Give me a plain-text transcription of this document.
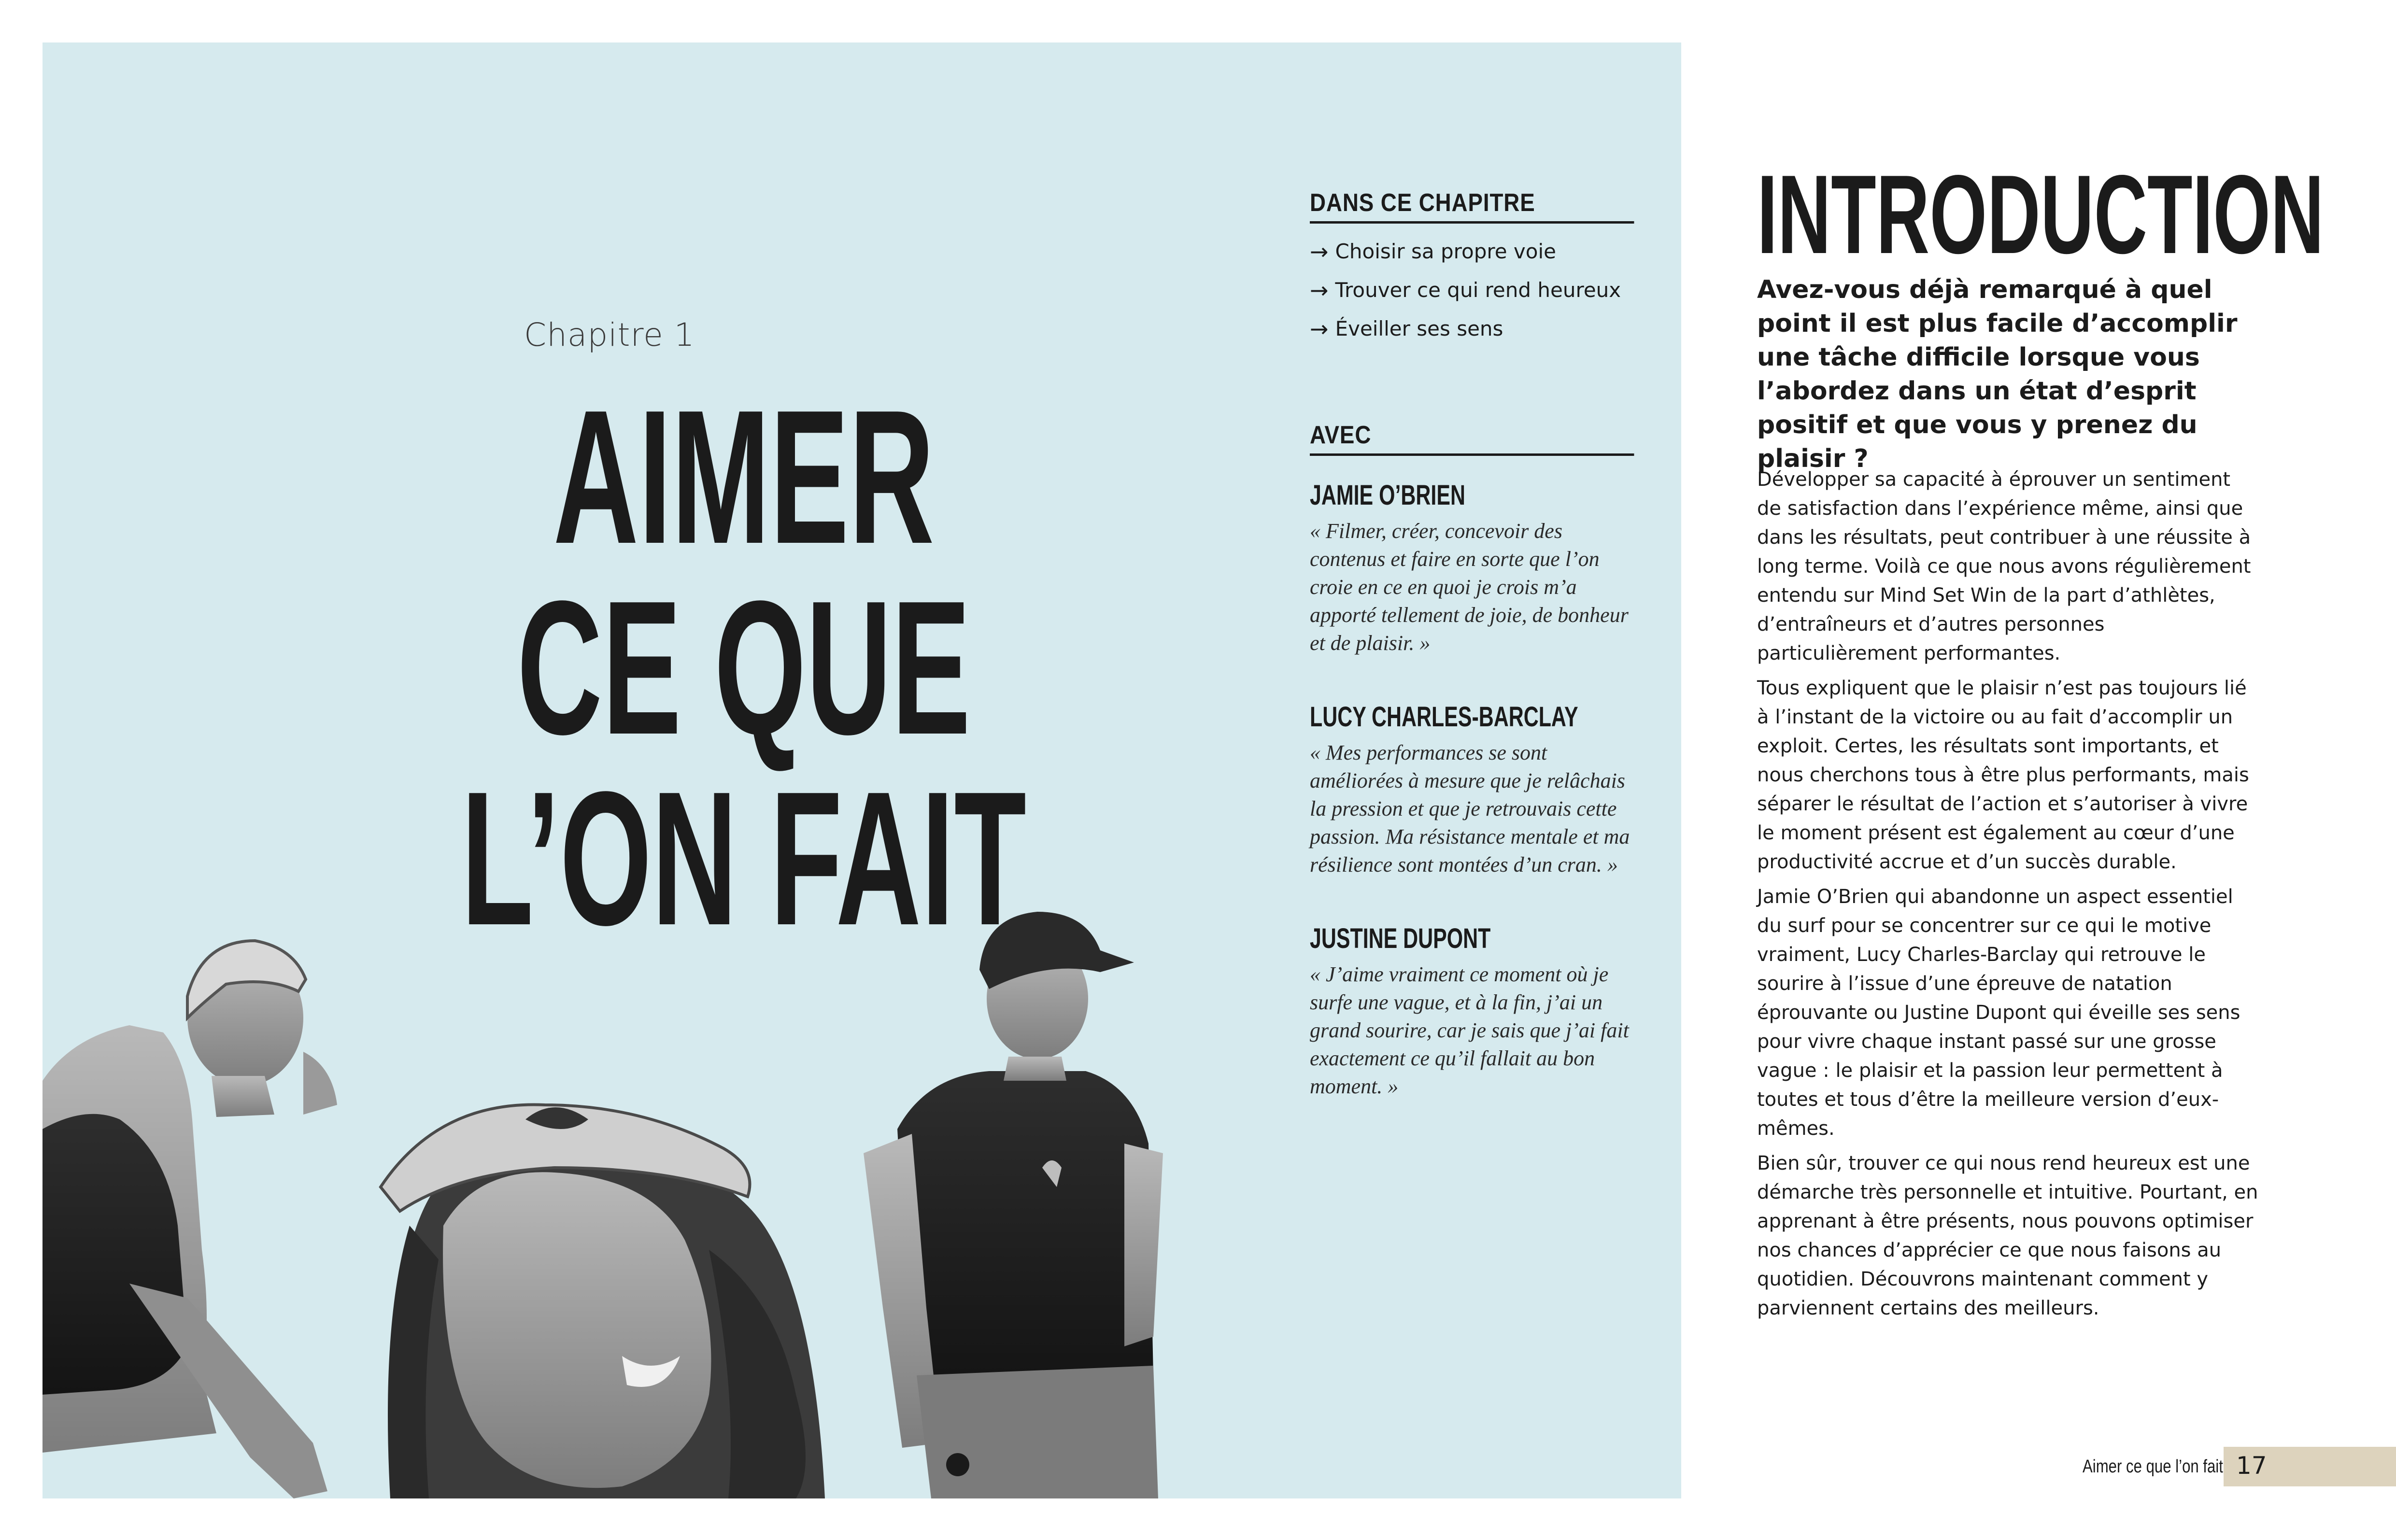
Chapitre 1
AIMER
CE QUE
L’ON FAIT
DANS CE CHAPITRE
→ Choisir sa propre voie
→ Trouver ce qui rend heureux
→ Éveiller ses sens
AVEC
JAMIE O’BRIEN

« Filmer, créer, concevoir des contenus et faire en sorte que l’on croie en ce en quoi je crois m’a apporté tellement de joie, de bonheur et de plaisir. »

LUCY CHARLES-BARCLAY

« Mes performances se sont améliorées à mesure que je relâchais la pression et que je retrouvais cette passion. Ma résistance mentale et ma résilience sont montées d’un cran. »

JUSTINE DUPONT

« J’aime vraiment ce moment où je surfe une vague, et à la fin, j’ai un grand sourire, car je sais que j’ai fait exactement ce qu’il fallait au bon moment. »

INTRODUCTION

Avez-vous déjà remarqué à quel point il est plus facile d’accomplir une tâche difficile lorsque vous l’abordez dans un état d’esprit positif et que vous y prenez du plaisir ?

Développer sa capacité à éprouver un sentiment de satisfaction dans l’expérience même, ainsi que dans les résultats, peut contribuer à une réussite à long terme. Voilà ce que nous avons régulièrement entendu sur Mind Set Win de la part d’athlètes, d’entraîneurs et d’autres personnes particulièrement performantes.

Tous expliquent que le plaisir n’est pas toujours lié à l’instant de la victoire ou au fait d’accomplir un exploit. Certes, les résultats sont importants, et nous cherchons tous à être plus performants, mais séparer le résultat de l’action et s’autoriser à vivre le moment présent est également au cœur d’une productivité accrue et d’un succès durable.

Jamie O’Brien qui abandonne un aspect essentiel du surf pour se concentrer sur ce qui le motive vraiment, Lucy Charles-Barclay qui retrouve le sourire à l’issue d’une épreuve de natation éprouvante ou Justine Dupont qui éveille ses sens pour vivre chaque instant passé sur une grosse vague : le plaisir et la passion leur permettent à toutes et tous d’être la meilleure version d’eux-mêmes.

Bien sûr, trouver ce qui nous rend heureux est une démarche très personnelle et intuitive. Pourtant, en apprenant à être présents, nous pouvons optimiser nos chances d’apprécier ce que nous faisons au quotidien. Découvrons maintenant comment y parviennent certains des meilleurs.

Aimer ce que l’on fait 17
